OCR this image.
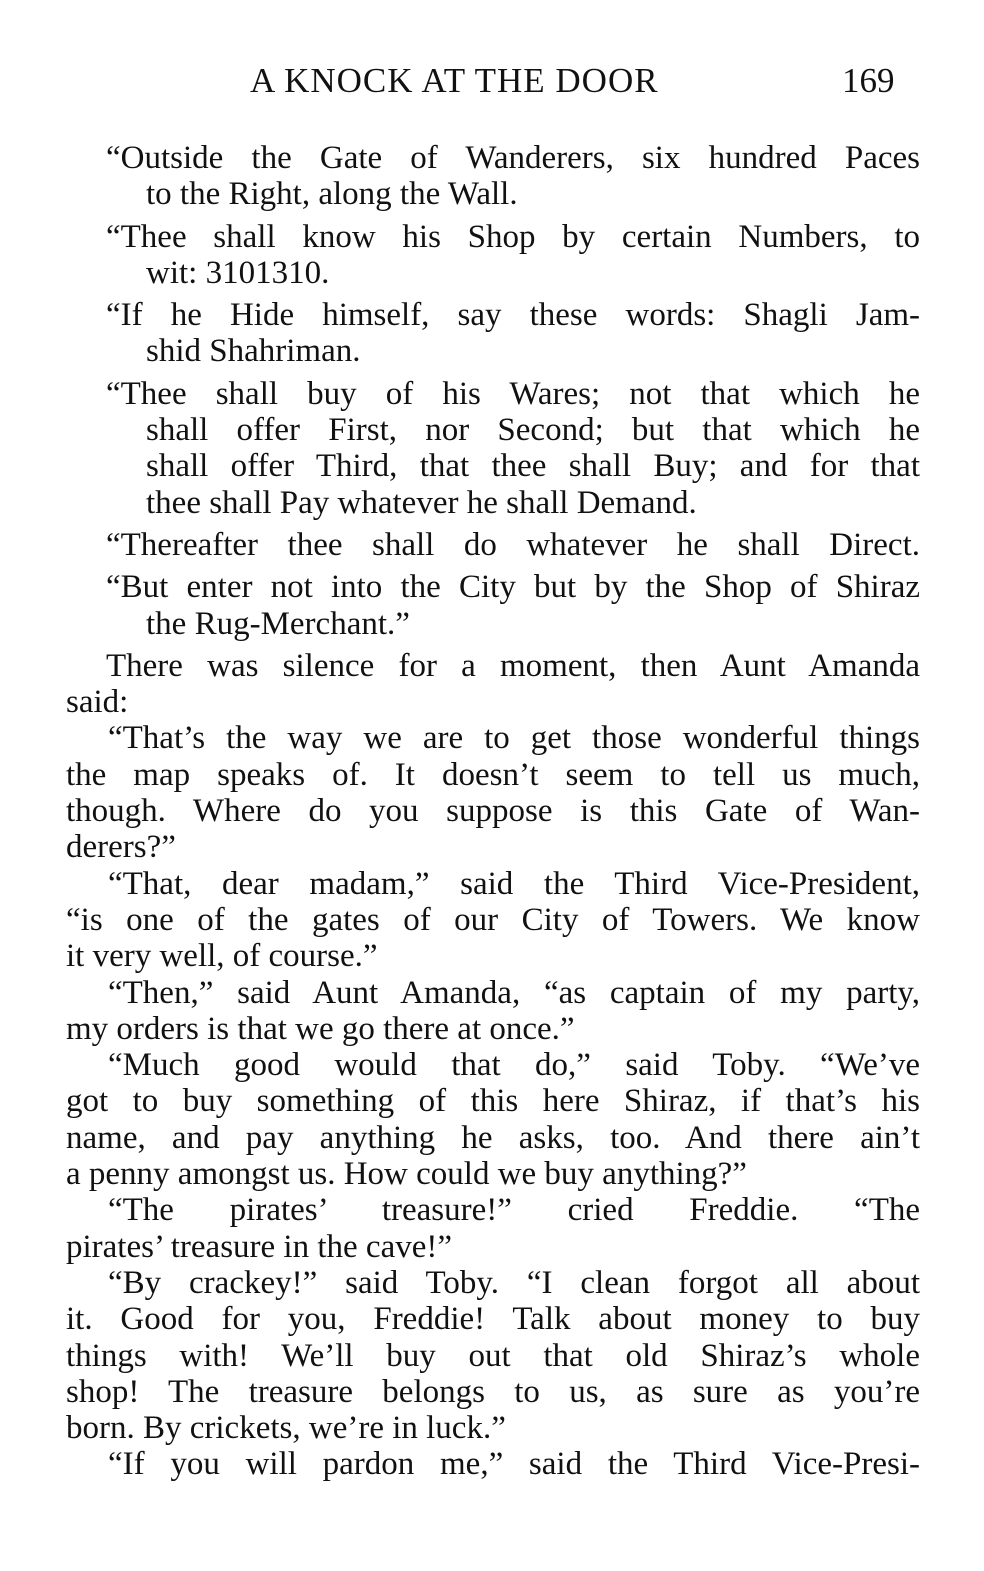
A KNOCK AT THE DOOR	169
“Outside the Gate of Wanderers, six hundred Paces
to the Right, along the Wall.
“Thee shall know his Shop by certain Numbers, to
wit: 3101310.
“If he Hide himself, say these words: Shagli Jam-
shid Shahriman.
“Thee shall buy of his Wares; not that which he
shall offer First, nor Second; but that which he
shall offer Third, that thee shall Buy; and for that
thee shall Pay whatever he shall Demand.
“Thereafter thee shall do whatever he shall Direct.
“But enter not into the City but by the Shop of Shiraz
the Rug-Merchant.”
There was silence for a moment, then Aunt Amanda
said:
“That’s the way we are to get those wonderful things
the map speaks of. It doesn’t seem to tell us much,
though. Where do you suppose is this Gate of Wan-
derers?”
“That, dear madam,” said the Third Vice-President,
“is one of the gates of our City of Towers. We know
it very well, of course.”
“Then,” said Aunt Amanda, “as captain of my party,
my orders is that we go there at once.”
“Much good would that do,” said Toby. “We’ve
got to buy something of this here Shiraz, if that’s his
name, and pay anything he asks, too. And there ain’t
a penny amongst us. How could we buy anything?”
“The pirates’ treasure!” cried Freddie. “The
pirates’ treasure in the cave!”
“By crackey!” said Toby. “I clean forgot all about
it. Good for you, Freddie! Talk about money to buy
things with! We’ll buy out that old Shiraz’s whole
shop! The treasure belongs to us, as sure as you’re
born. By crickets, we’re in luck.”
“If you will pardon me,” said the Third Vice-Presi-
